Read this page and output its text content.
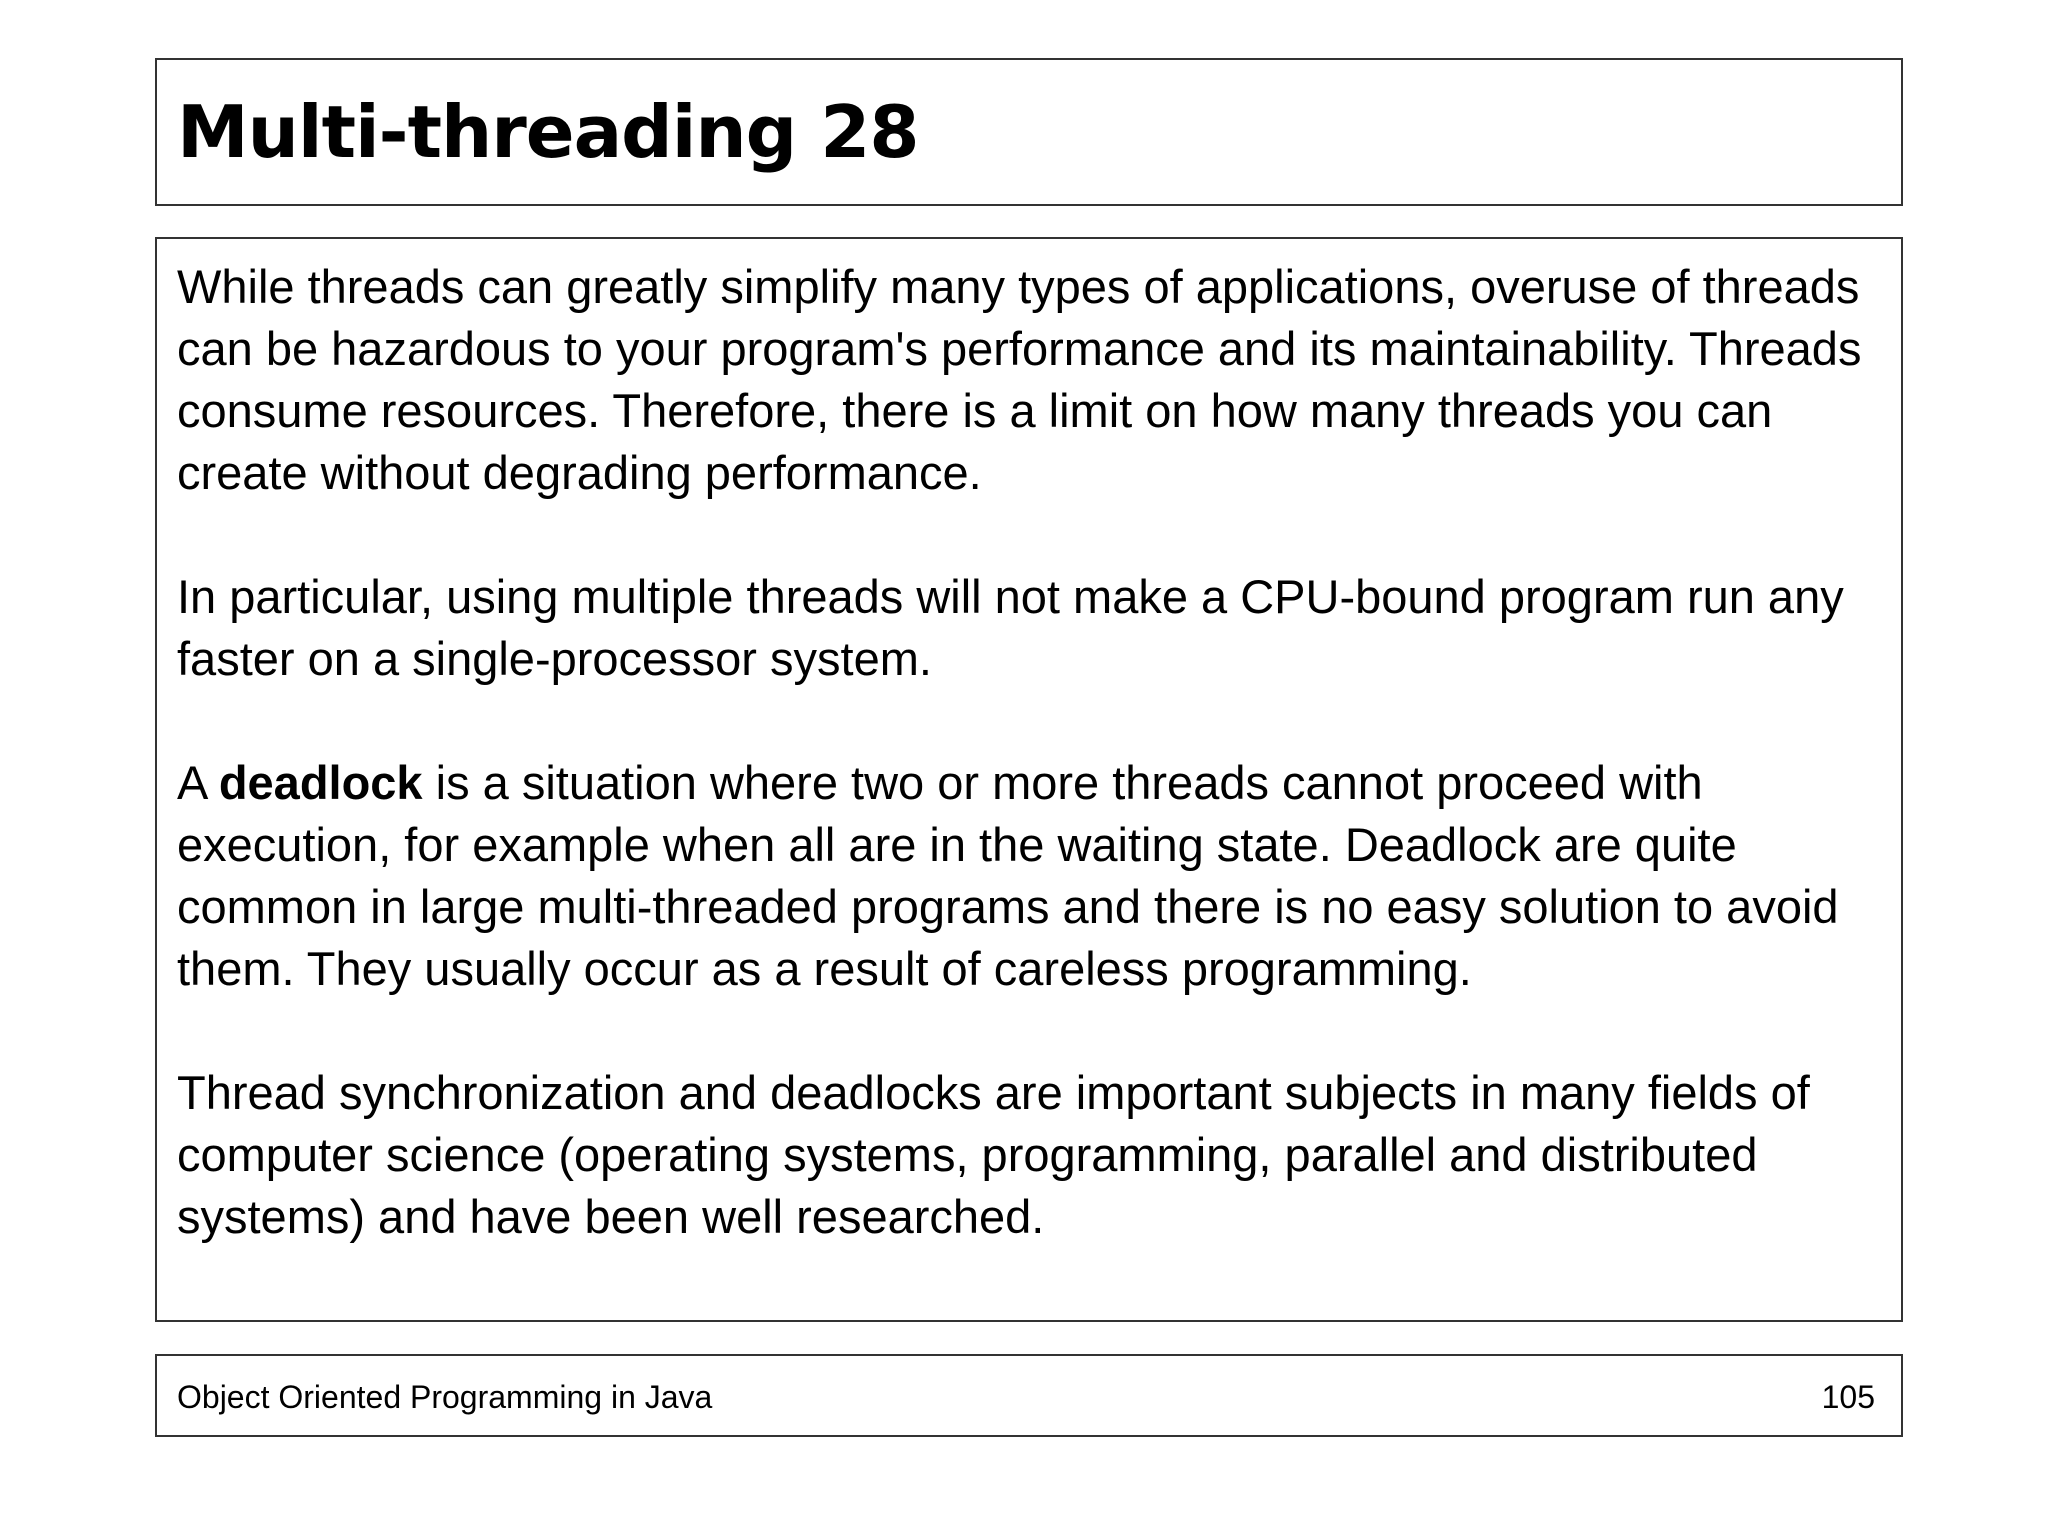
Multi-threading 28

While threads can greatly simplify many types of applications, overuse of threads can be hazardous to your program's performance and its maintainability. Threads consume resources. Therefore, there is a limit on how many threads you can create without degrading performance.

In particular, using multiple threads will not make a CPU-bound program run any faster on a single-processor system.

A deadlock is a situation where two or more threads cannot proceed with execution, for example when all are in the waiting state. Deadlock are quite common in large multi-threaded programs and there is no easy solution to avoid them. They usually occur as a result of careless programming.

Thread synchronization and deadlocks are important subjects in many fields of computer science (operating systems, programming, parallel and distributed systems) and have been well researched.

Object Oriented Programming in Java	105
